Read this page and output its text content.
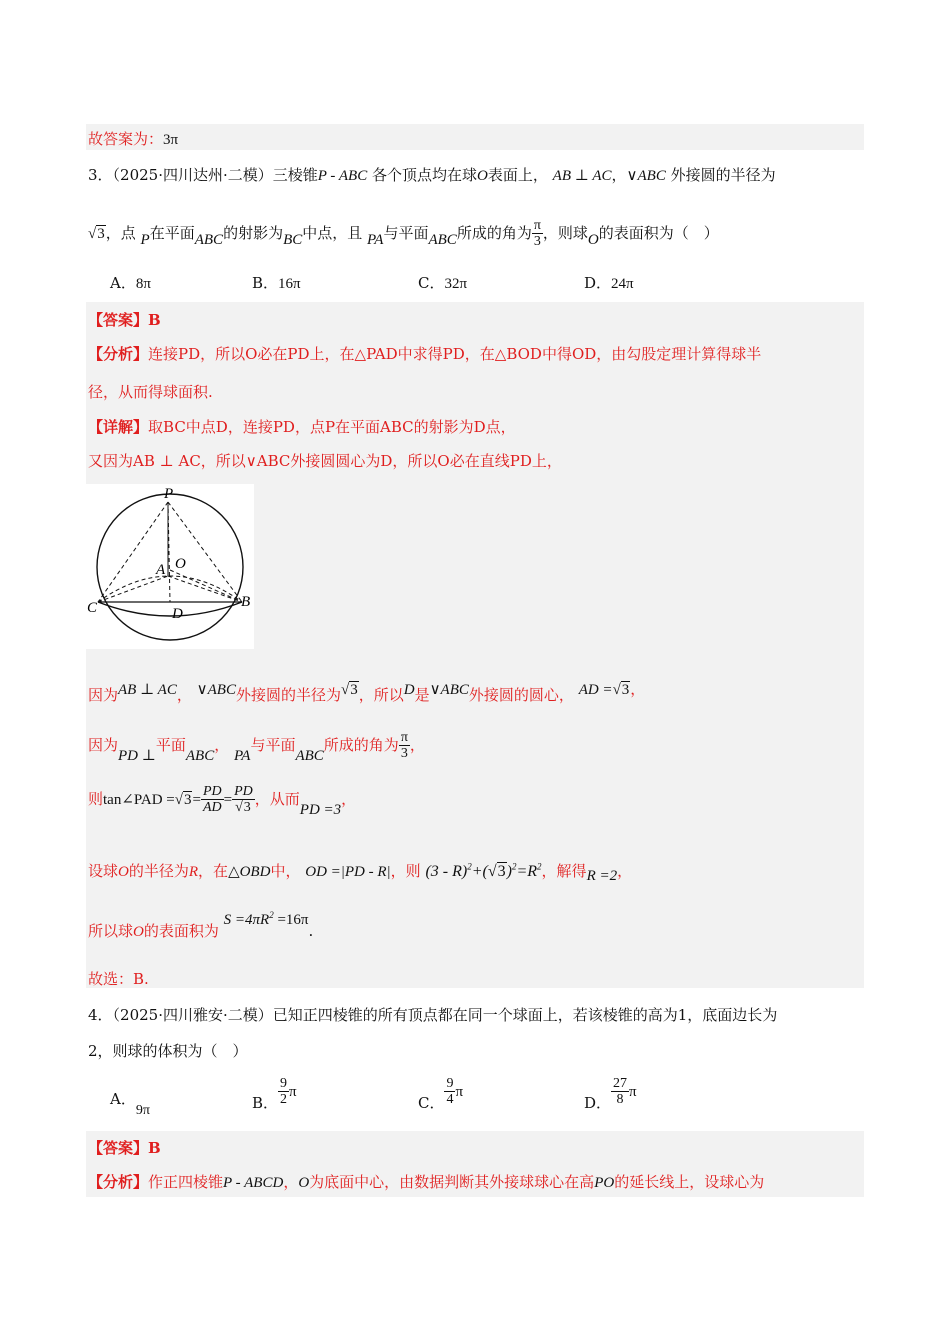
故答案为：3π
3．（2025·四川达州·二模）三棱锥P - ABC 各个顶点均在球O表面上， AB ⊥ AC，∨ABC 外接圆的半径为
√3，点 P在平面ABC的射影为BC中点，且 PA与平面ABC所成的角为 $\frac{\pi}{3}$ ，则球O的表面积为（　）
A．8π	B．16π	C．32π	D．24π
【答案】B
【分析】连接PD，所以O必在PD上，在△PAD中求得PD，在△BOD中得OD，由勾股定理计算得球半
径，从而得球面积.
【详解】取BC中点D，连接PD，点P在平面ABC的射影为D点，
又因为AB ⊥ AC，所以∨ABC外接圆圆心为D，所以O必在直线PD上，
P
O
A
C	B
D
因为AB ⊥ AC， ∨ABC外接圆的半径为√3，所以D是∨ABC外接圆的圆心， AD =√3，
因为PD ⊥平面ABC， PA与平面ABC所成的角为 $\frac{\pi}{3}$ ，
则tan∠PAD $=√3= \frac{PD}{AD} = \frac{PD}{√3}$ ，从而PD =3，
设球O的半径为R，在△OBD中， OD =|PD - R|，则 $(3 - R)^2+(√3)^2=R^2$，解得R =2，
所以球O的表面积为 $S =4\pi R^2 =16\pi$.
故选：B.
4．（2025·四川雅安·二模）已知正四棱锥的所有顶点都在同一个球面上，若该棱锥的高为1，底面边长为
2，则球的体积为（　）
A．9π	B． $\frac{9}{2}$ π
C． $\frac{9}{4}$ π
D． $\frac{27}{8}$ π
【答案】B
【分析】作正四棱锥P - ABCD，O为底面中心，由数据判断其外接球球心在高PO的延长线上，设球心为
